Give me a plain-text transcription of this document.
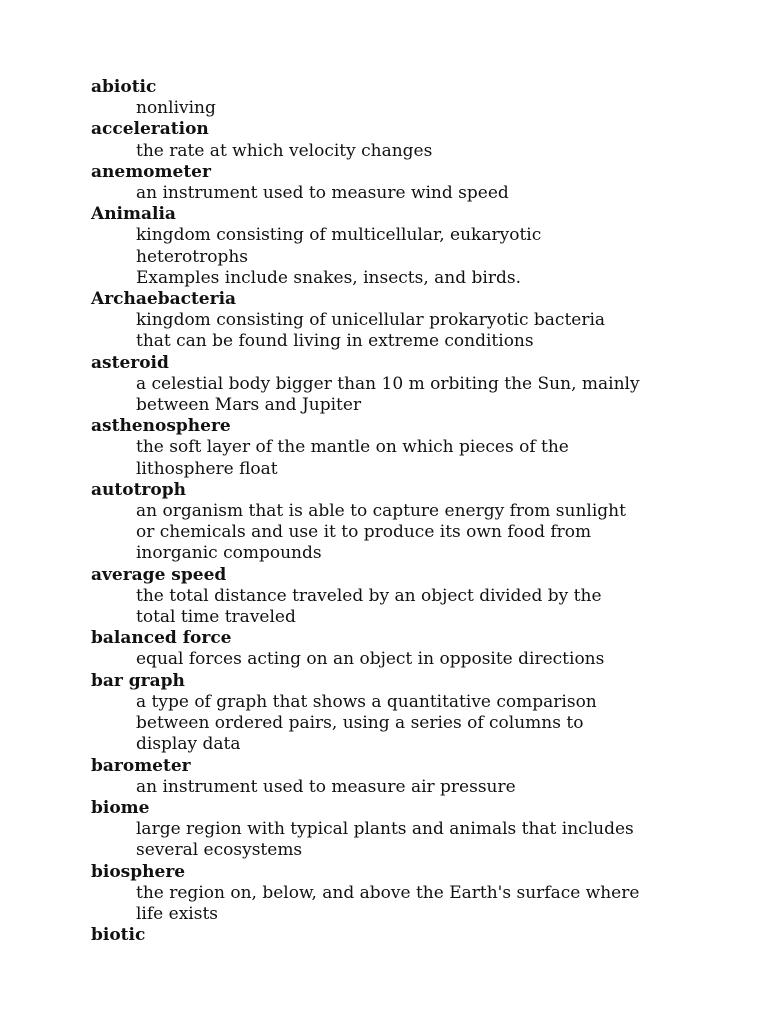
abiotic
nonliving
acceleration
the rate at which velocity changes
anemometer
an instrument used to measure wind speed
Animalia
kingdom consisting of multicellular, eukaryotic
heterotrophs
Examples include snakes, insects, and birds.
Archaebacteria
kingdom consisting of unicellular prokaryotic bacteria
that can be found living in extreme conditions
asteroid
a celestial body bigger than 10 m orbiting the Sun, mainly
between Mars and Jupiter
asthenosphere
the soft layer of the mantle on which pieces of the
lithosphere float
autotroph
an organism that is able to capture energy from sunlight
or chemicals and use it to produce its own food from
inorganic compounds
average speed
the total distance traveled by an object divided by the
total time traveled
balanced force
equal forces acting on an object in opposite directions
bar graph
a type of graph that shows a quantitative comparison
between ordered pairs, using a series of columns to
display data
barometer
an instrument used to measure air pressure
biome
large region with typical plants and animals that includes
several ecosystems
biosphere
the region on, below, and above the Earth's surface where
life exists
biotic
